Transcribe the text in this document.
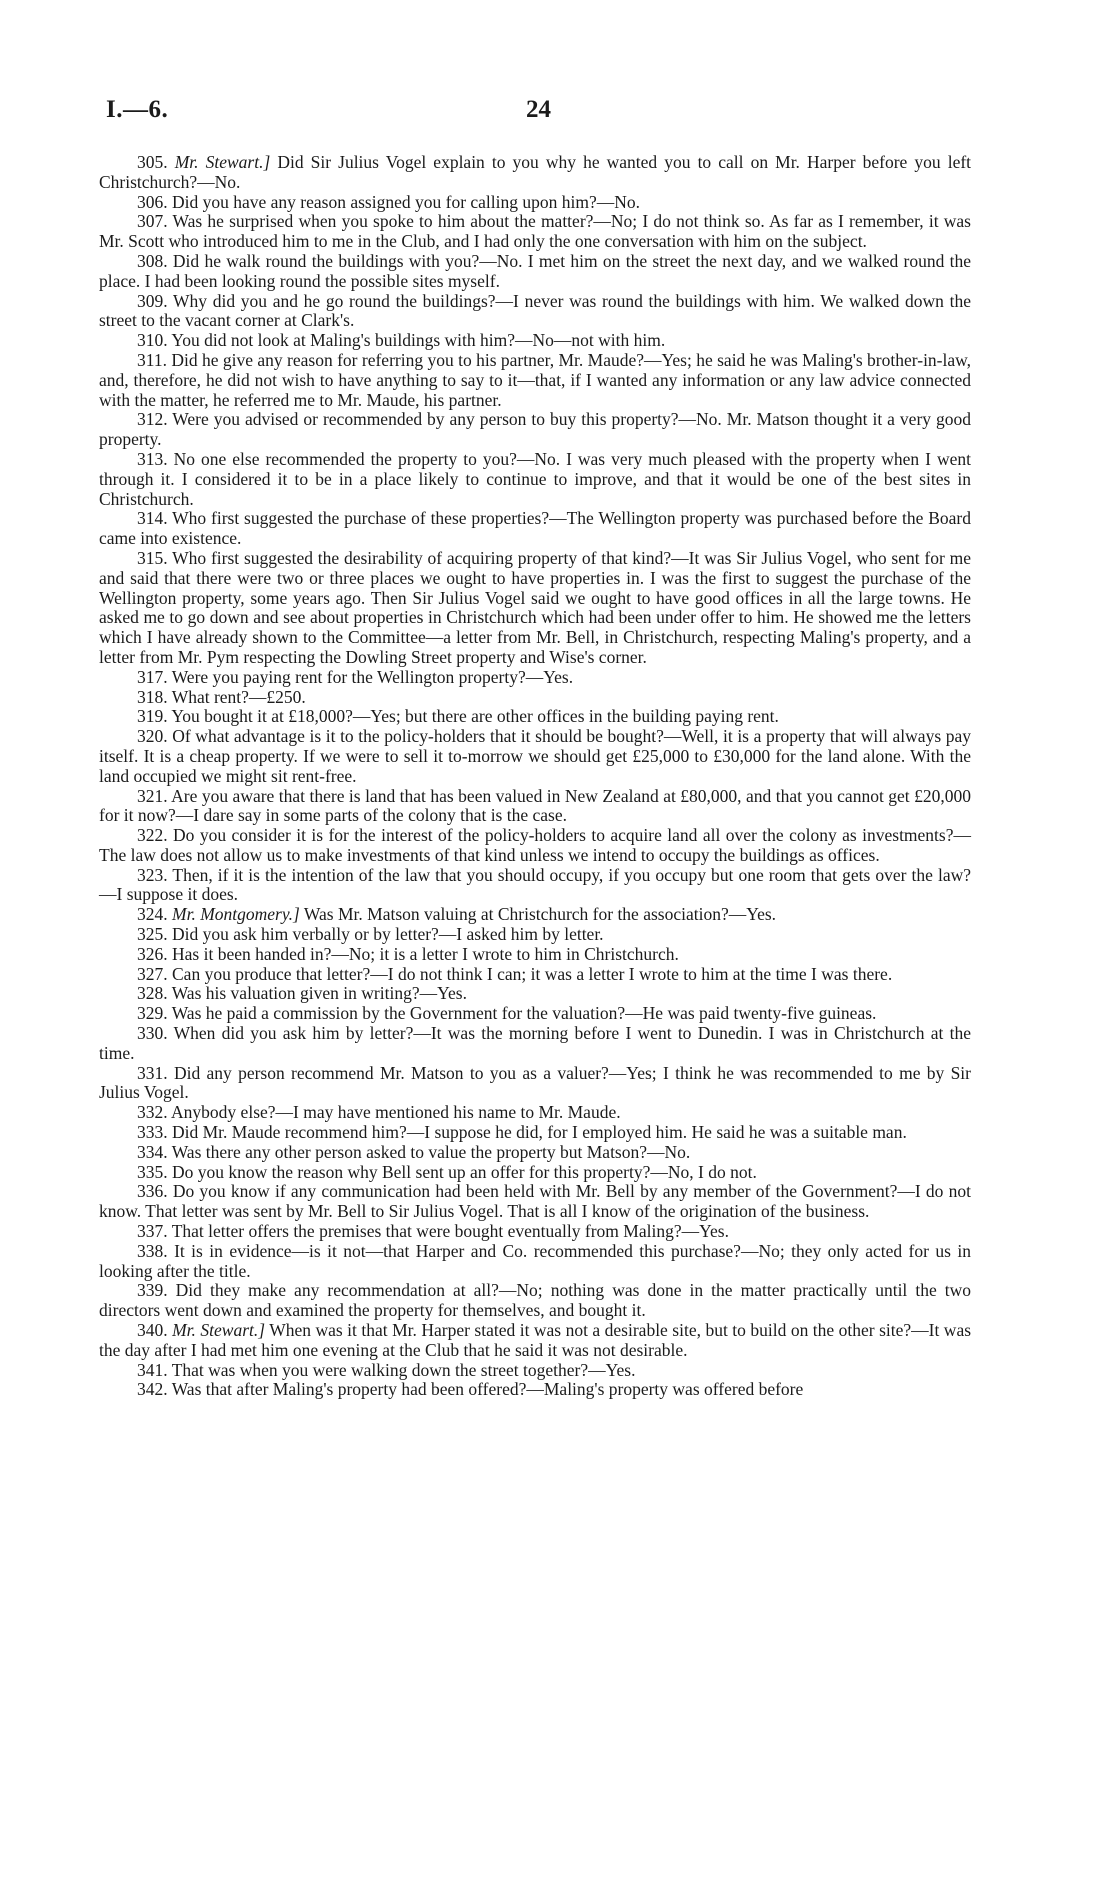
I.—6.	24

305. Mr. Stewart.] Did Sir Julius Vogel explain to you why he wanted you to call on Mr. Harper before you left Christchurch?—No.

306. Did you have any reason assigned you for calling upon him?—No.

307. Was he surprised when you spoke to him about the matter?—No; I do not think so. As far as I remember, it was Mr. Scott who introduced him to me in the Club, and I had only the one conversation with him on the subject.

308. Did he walk round the buildings with you?—No. I met him on the street the next day, and we walked round the place. I had been looking round the possible sites myself.

309. Why did you and he go round the buildings?—I never was round the buildings with him. We walked down the street to the vacant corner at Clark's.

310. You did not look at Maling's buildings with him?—No—not with him.

311. Did he give any reason for referring you to his partner, Mr. Maude?—Yes; he said he was Maling's brother-in-law, and, therefore, he did not wish to have anything to say to it—that, if I wanted any information or any law advice connected with the matter, he referred me to Mr. Maude, his partner.

312. Were you advised or recommended by any person to buy this property?—No. Mr. Matson thought it a very good property.

313. No one else recommended the property to you?—No. I was very much pleased with the property when I went through it. I considered it to be in a place likely to continue to improve, and that it would be one of the best sites in Christchurch.

314. Who first suggested the purchase of these properties?—The Wellington property was purchased before the Board came into existence.

315. Who first suggested the desirability of acquiring property of that kind?—It was Sir Julius Vogel, who sent for me and said that there were two or three places we ought to have properties in. I was the first to suggest the purchase of the Wellington property, some years ago. Then Sir Julius Vogel said we ought to have good offices in all the large towns. He asked me to go down and see about properties in Christchurch which had been under offer to him. He showed me the letters which I have already shown to the Committee—a letter from Mr. Bell, in Christchurch, respecting Maling's property, and a letter from Mr. Pym respecting the Dowling Street property and Wise's corner.

317. Were you paying rent for the Wellington property?—Yes.

318. What rent?—£250.

319. You bought it at £18,000?—Yes; but there are other offices in the building paying rent.

320. Of what advantage is it to the policy-holders that it should be bought?—Well, it is a property that will always pay itself. It is a cheap property. If we were to sell it to-morrow we should get £25,000 to £30,000 for the land alone. With the land occupied we might sit rent-free.

321. Are you aware that there is land that has been valued in New Zealand at £80,000, and that you cannot get £20,000 for it now?—I dare say in some parts of the colony that is the case.

322. Do you consider it is for the interest of the policy-holders to acquire land all over the colony as investments?—The law does not allow us to make investments of that kind unless we intend to occupy the buildings as offices.

323. Then, if it is the intention of the law that you should occupy, if you occupy but one room that gets over the law?—I suppose it does.

324. Mr. Montgomery.] Was Mr. Matson valuing at Christchurch for the association?—Yes.

325. Did you ask him verbally or by letter?—I asked him by letter.

326. Has it been handed in?—No; it is a letter I wrote to him in Christchurch.

327. Can you produce that letter?—I do not think I can; it was a letter I wrote to him at the time I was there.

328. Was his valuation given in writing?—Yes.

329. Was he paid a commission by the Government for the valuation?—He was paid twenty-five guineas.

330. When did you ask him by letter?—It was the morning before I went to Dunedin. I was in Christchurch at the time.

331. Did any person recommend Mr. Matson to you as a valuer?—Yes; I think he was recommended to me by Sir Julius Vogel.

332. Anybody else?—I may have mentioned his name to Mr. Maude.

333. Did Mr. Maude recommend him?—I suppose he did, for I employed him. He said he was a suitable man.

334. Was there any other person asked to value the property but Matson?—No.

335. Do you know the reason why Bell sent up an offer for this property?—No, I do not.

336. Do you know if any communication had been held with Mr. Bell by any member of the Government?—I do not know. That letter was sent by Mr. Bell to Sir Julius Vogel. That is all I know of the origination of the business.

337. That letter offers the premises that were bought eventually from Maling?—Yes.

338. It is in evidence—is it not—that Harper and Co. recommended this purchase?—No; they only acted for us in looking after the title.

339. Did they make any recommendation at all?—No; nothing was done in the matter practically until the two directors went down and examined the property for themselves, and bought it.

340. Mr. Stewart.] When was it that Mr. Harper stated it was not a desirable site, but to build on the other site?—It was the day after I had met him one evening at the Club that he said it was not desirable.

341. That was when you were walking down the street together?—Yes.

342. Was that after Maling's property had been offered?—Maling's property was offered before
